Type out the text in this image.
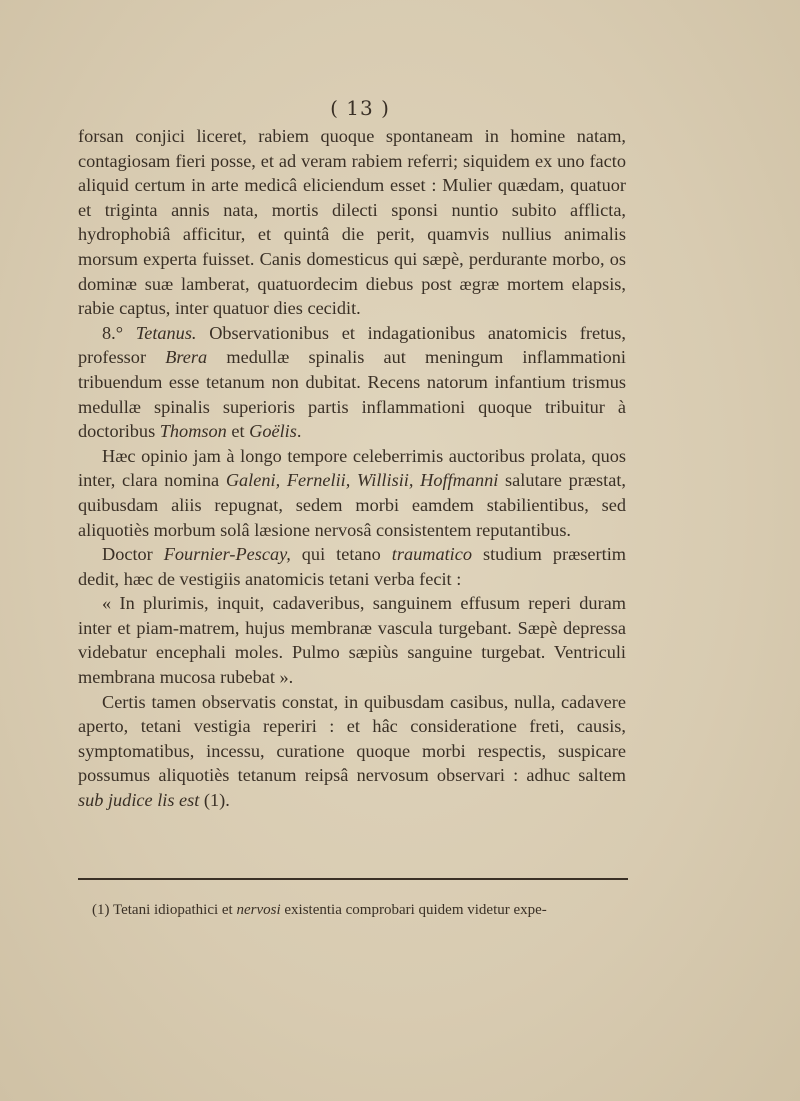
( 13 )

forsan conjici liceret, rabiem quoque spontaneam in homine natam, contagiosam fieri posse, et ad veram rabiem referri; siquidem ex uno facto aliquid certum in arte medicâ eliciendum esset : Mulier quædam, quatuor et triginta annis nata, mortis dilecti sponsi nuntio subito afflicta, hydrophobiâ afficitur, et quintâ die perit, quamvis nullius animalis morsum experta fuisset. Canis domesticus qui sæpè, perdurante morbo, os dominæ suæ lamberat, quatuordecim diebus post ægræ mortem elapsis, rabie captus, inter quatuor dies cecidit.

8.° Tetanus. Observationibus et indagationibus anatomicis fretus, professor Brera medullæ spinalis aut meningum inflammationi tribuendum esse tetanum non dubitat. Recens natorum infantium trismus medullæ spinalis superioris partis inflammationi quoque tribuitur à doctoribus Thomson et Goëlis.

Hæc opinio jam à longo tempore celeberrimis auctoribus prolata, quos inter, clara nomina Galeni, Fernelii, Willisii, Hoffmanni salutare præstat, quibusdam aliis repugnat, sedem morbi eamdem stabilientibus, sed aliquotiès morbum solâ læsione nervosâ consistentem reputantibus.

Doctor Fournier-Pescay, qui tetano traumatico studium præsertim dedit, hæc de vestigiis anatomicis tetani verba fecit :

« In plurimis, inquit, cadaveribus, sanguinem effusum reperi duram inter et piam-matrem, hujus membranæ vascula turgebant. Sæpè depressa videbatur encephali moles. Pulmo sæpiùs sanguine turgebat. Ventriculi membrana mucosa rubebat ».

Certis tamen observatis constat, in quibusdam casibus, nulla, cadavere aperto, tetani vestigia reperiri : et hâc consideratione freti, causis, symptomatibus, incessu, curatione quoque morbi respectis, suspicare possumus aliquotiès tetanum reipsâ nervosum observari : adhuc saltem sub judice lis est (1).

(1) Tetani idiopathici et nervosi existentia comprobari quidem videtur expe-
